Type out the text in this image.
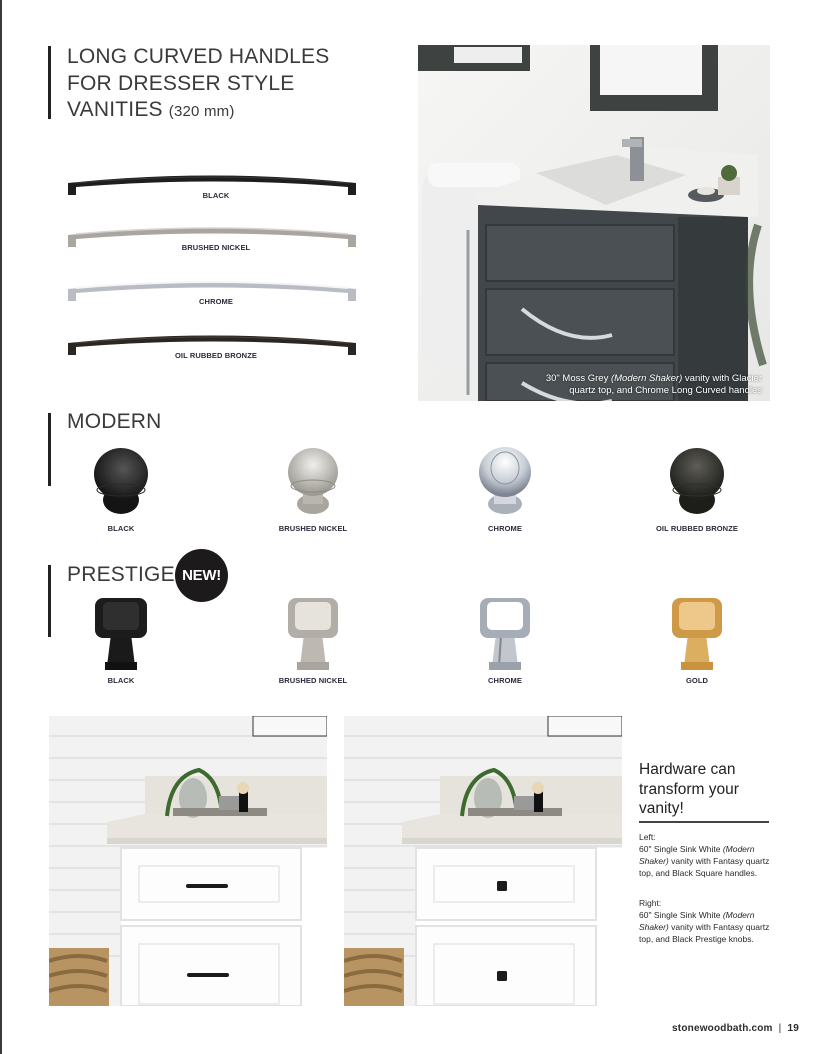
LONG CURVED HANDLES
FOR DRESSER STYLE
VANITIES (320 mm)
BLACK
BRUSHED NICKEL
CHROME
OIL RUBBED BRONZE
30" Moss Grey (Modern Shaker) vanity with Glacier
quartz top, and Chrome Long Curved handles
MODERN
BLACK	BRUSHED NICKEL	CHROME	OIL RUBBED BRONZE
PRESTIGE NEW!
BLACK	BRUSHED NICKEL	CHROME	GOLD
Hardware can
transform your
vanity!
Left:
60" Single Sink White (Modern Shaker) vanity with Fantasy quartz top, and Black Square handles.
Right:
60" Single Sink White (Modern Shaker) vanity with Fantasy quartz top, and Black Prestige knobs.
stonewoodbath.com | 19
